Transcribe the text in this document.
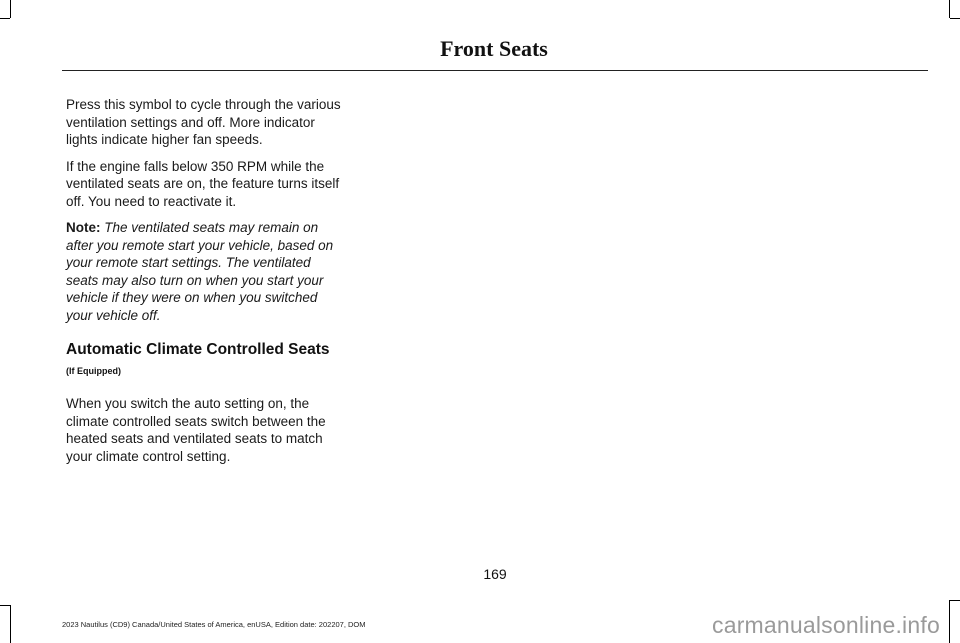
Front Seats

Press this symbol to cycle through the various ventilation settings and off. More indicator lights indicate higher fan speeds.

If the engine falls below 350 RPM while the ventilated seats are on, the feature turns itself off. You need to reactivate it.

Note: The ventilated seats may remain on after you remote start your vehicle, based on your remote start settings. The ventilated seats may also turn on when you start your vehicle if they were on when you switched your vehicle off.

Automatic Climate Controlled Seats (If Equipped)

When you switch the auto setting on, the climate controlled seats switch between the heated seats and ventilated seats to match your climate control setting.

169
2023 Nautilus (CD9) Canada/United States of America, enUSA, Edition date: 202207, DOM	carmanualsonline.info
